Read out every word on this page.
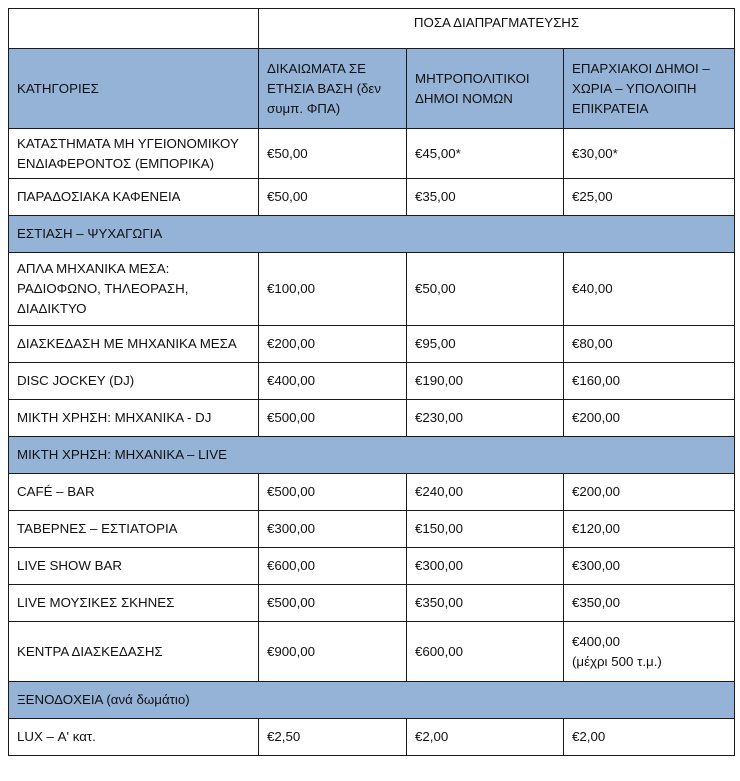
	ΠΟΣΑ ΔΙΑΠΡΑΓΜΑΤΕΥΣΗΣ		
ΚΑΤΗΓΟΡΙΕΣ	ΔΙΚΑΙΩΜΑΤΑ ΣΕ ΕΤΗΣΙΑ ΒΑΣΗ (δεν συμπ. ΦΠΑ)	ΜΗΤΡΟΠΟΛΙΤΙΚΟΙ ΔΗΜΟΙ ΝΟΜΩΝ	ΕΠΑΡΧΙΑΚΟΙ ΔΗΜΟΙ – ΧΩΡΙΑ – ΥΠΟΛΟΙΠΗ ΕΠΙΚΡΑΤΕΙΑ
ΚΑΤΑΣΤΗΜΑΤΑ ΜΗ ΥΓΕΙΟΝΟΜΙΚΟΥ ΕΝΔΙΑΦΕΡΟΝΤΟΣ (ΕΜΠΟΡΙΚΑ)	€50,00	€45,00*	€30,00*
ΠΑΡΑΔΟΣΙΑΚΑ ΚΑΦΕΝΕΙΑ	€50,00	€35,00	€25,00
ΕΣΤΙΑΣΗ – ΨΥΧΑΓΩΓΙΑ			
ΑΠΛΑ ΜΗΧΑΝΙΚΑ ΜΕΣΑ: ΡΑΔΙΟΦΩΝΟ, ΤΗΛΕΟΡΑΣΗ, ΔΙΑΔΙΚΤΥΟ	€100,00	€50,00	€40,00
ΔΙΑΣΚΕΔΑΣΗ ΜΕ ΜΗΧΑΝΙΚΑ ΜΕΣΑ	€200,00	€95,00	€80,00
DISC JOCKEY (DJ)	€400,00	€190,00	€160,00
ΜΙΚΤΗ ΧΡΗΣΗ: ΜΗΧΑΝΙΚΑ - DJ	€500,00	€230,00	€200,00
ΜΙΚΤΗ ΧΡΗΣΗ: ΜΗΧΑΝΙΚΑ – LIVE			
CAFÉ – BAR	€500,00	€240,00	€200,00
ΤΑΒΕΡΝΕΣ – ΕΣΤΙΑΤΟΡΙΑ	€300,00	€150,00	€120,00
LIVE SHOW BAR	€600,00	€300,00	€300,00
LIVE ΜΟΥΣΙΚΕΣ ΣΚΗΝΕΣ	€500,00	€350,00	€350,00
ΚΕΝΤΡΑ ΔΙΑΣΚΕΔΑΣΗΣ	€900,00	€600,00	€400,00
(μέχρι 500 τ.μ.)

ΞΕΝΟΔΟΧΕΙΑ (ανά δωμάτιο)			
LUX – Α' κατ.	€2,50	€2,00	€2,00
